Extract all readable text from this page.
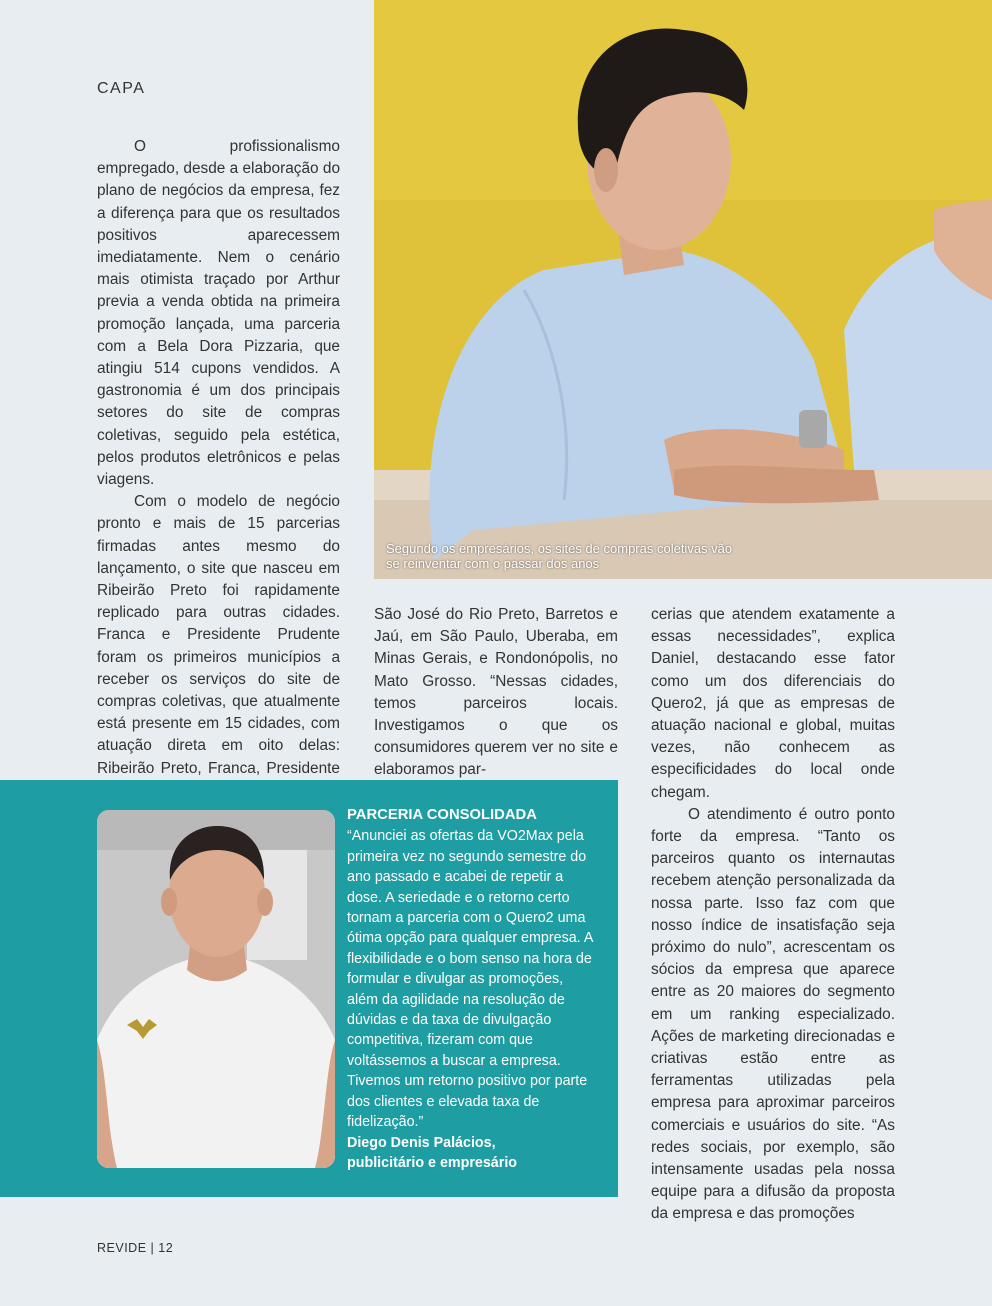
CAPA
Segundo os empresários, os sites de compras coletivas vão se reinventar com o passar dos anos

O profissionalismo empregado, desde a elaboração do plano de negócios da empresa, fez a diferença para que os resultados positivos aparecessem imediatamente. Nem o cenário mais otimista traçado por Arthur previa a venda obtida na primeira promoção lançada, uma parceria com a Bela Dora Pizzaria, que atingiu 514 cupons vendidos. A gastronomia é um dos principais setores do site de compras coletivas, seguido pela estética, pelos produtos eletrônicos e pelas viagens.

Com o modelo de negócio pronto e mais de 15 parcerias firmadas antes mesmo do lançamento, o site que nasceu em Ribeirão Preto foi rapidamente replicado para outras cidades. Franca e Presidente Prudente foram os primeiros municípios a receber os serviços do site de compras coletivas, que atualmente está presente em 15 cidades, com atuação direta em oito delas: Ribeirão Preto, Franca, Presidente

São José do Rio Preto, Barretos e Jaú, em São Paulo, Uberaba, em Minas Gerais, e Rondonópolis, no Mato Grosso. “Nessas cidades, temos parceiros locais. Investigamos o que os consumidores querem ver no site e elaboramos par-

cerias que atendem exatamente a essas necessidades”, explica Daniel, destacando esse fator como um dos diferenciais do Quero2, já que as empresas de atuação nacional e global, muitas vezes, não conhecem as especificidades do local onde chegam.

O atendimento é outro ponto forte da empresa. “Tanto os parceiros quanto os internautas recebem atenção personalizada da nossa parte. Isso faz com que nosso índice de insatisfação seja próximo do nulo”, acrescentam os sócios da empresa que aparece entre as 20 maiores do segmento em um ranking especializado. Ações de marketing direcionadas e criativas estão entre as ferramentas utilizadas pela empresa para aproximar parceiros comerciais e usuários do site. “As redes sociais, por exemplo, são intensamente usadas pela nossa equipe para a difusão da proposta da empresa e das promoções

PARCERIA CONSOLIDADA

“Anunciei as ofertas da VO2Max pela primeira vez no segundo semestre do ano passado e acabei de repetir a dose. A seriedade e o retorno certo tornam a parceria com o Quero2 uma ótima opção para qualquer empresa. A flexibilidade e o bom senso na hora de formular e divulgar as promoções, além da agilidade na resolução de dúvidas e da taxa de divulgação competitiva, fizeram com que voltássemos a buscar a empresa. Tivemos um retorno positivo por parte dos clientes e elevada taxa de fidelização.”

Diego Denis Palácios,

publicitário e empresário

REVIDE | 12
